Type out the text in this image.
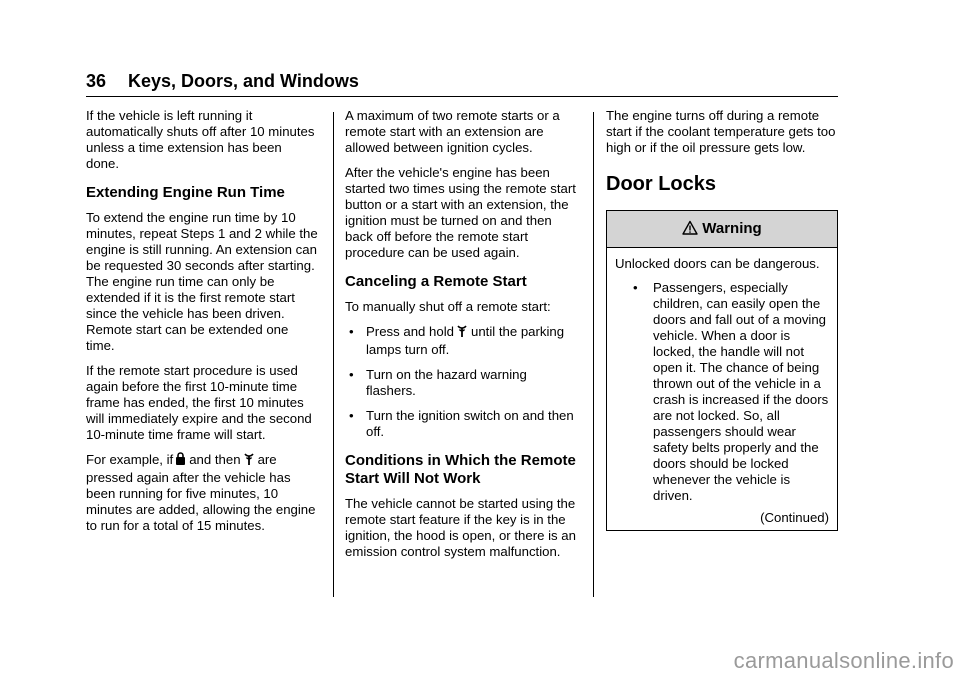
36 Keys, Doors, and Windows

If the vehicle is left running it automatically shuts off after 10 minutes unless a time extension has been done.

Extending Engine Run Time

To extend the engine run time by 10 minutes, repeat Steps 1 and 2 while the engine is still running. An extension can be requested 30 seconds after starting. The engine run time can only be extended if it is the first remote start since the vehicle has been driven. Remote start can be extended one time.

If the remote start procedure is used again before the first 10-minute time frame has ended, the first 10 minutes will immediately expire and the second 10-minute time frame will start.

For example, if and then are pressed again after the vehicle has been running for five minutes, 10 minutes are added, allowing the engine to run for a total of 15 minutes.

A maximum of two remote starts or a remote start with an extension are allowed between ignition cycles.

After the vehicle's engine has been started two times using the remote start button or a start with an extension, the ignition must be turned on and then back off before the remote start procedure can be used again.

Canceling a Remote Start

To manually shut off a remote start:

• Press and hold until the parking lamps turn off.
• Turn on the hazard warning flashers.
• Turn the ignition switch on and then off.
Conditions in Which the Remote Start Will Not Work

The vehicle cannot be started using the remote start feature if the key is in the ignition, the hood is open, or there is an emission control system malfunction.

The engine turns off during a remote start if the coolant temperature gets too high or if the oil pressure gets low.

Door Locks
Warning

Unlocked doors can be dangerous.

• Passengers, especially children, can easily open the doors and fall out of a moving vehicle. When a door is locked, the handle will not open it. The chance of being thrown out of the vehicle in a crash is increased if the doors are not locked. So, all passengers should wear safety belts properly and the doors should be locked whenever the vehicle is driven.
(Continued)
carmanualsonline.info
